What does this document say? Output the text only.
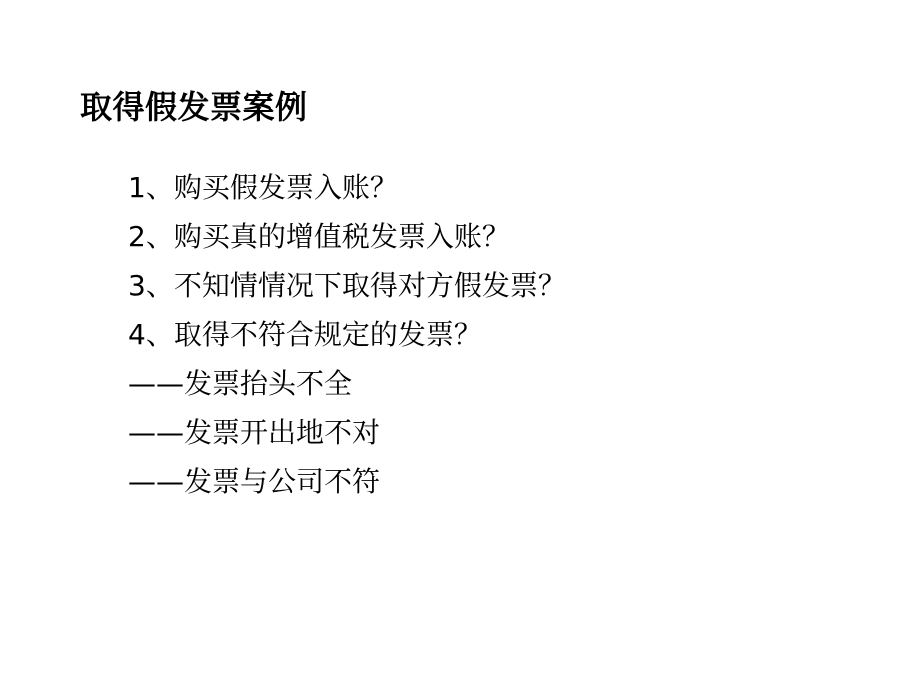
取得假发票案例
1、购买假发票入账？
2、购买真的增值税发票入账？
3、不知情情况下取得对方假发票？
4、取得不符合规定的发票？
——发票抬头不全
——发票开出地不对
——发票与公司不符
